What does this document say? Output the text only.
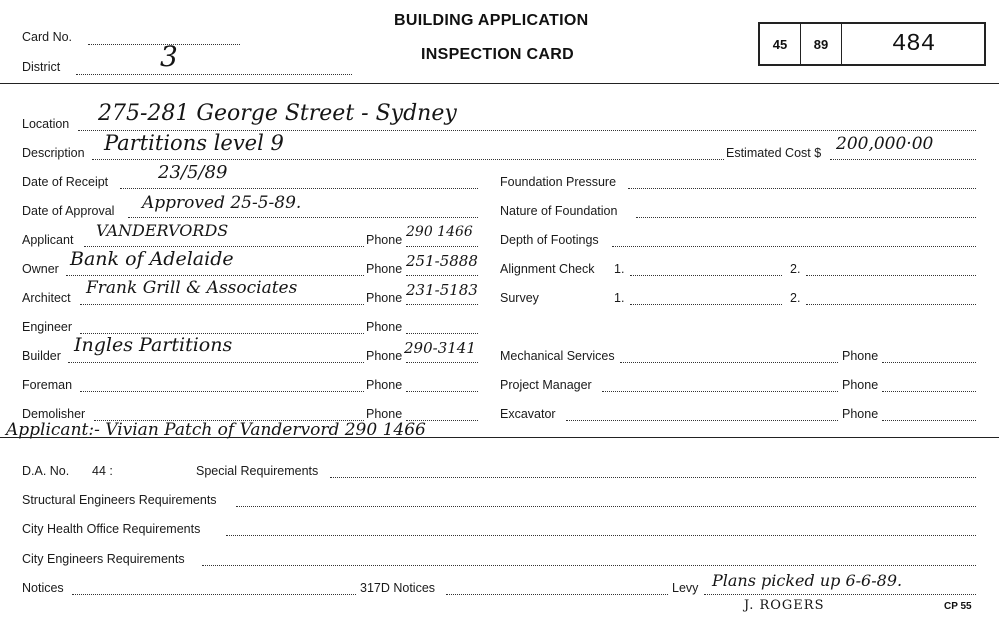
Card No.
District	3
BUILDING APPLICATION
INSPECTION CARD
45 89	484
Location 275-281 George Street - Sydney
Description Partitions level 9	Estimated Cost $ 200,000·00
Date of Receipt	23/5/89
Date of Approval Approved 25-5-89.
Applicant VANDERVORDS	Phone 290 1466
Owner Bank of Adelaide	Phone 251-5888
Architect Frank Grill & Associates	Phone 231-5183
Engineer	Phone
Builder Ingles Partitions	Phone 290-3141
Foreman	Phone
Demolisher	Phone
Foundation Pressure
Nature of Foundation
Depth of Footings
Alignment Check 1.	2.
Survey	1.	2.
Mechanical Services	Phone
Project Manager	Phone
Excavator	Phone
Applicant:- Vivian Patch of Vandervord 290 1466
D.A. No. 44 :	Special Requirements
Structural Engineers Requirements
City Health Office Requirements
City Engineers Requirements
Notices	317D Notices	Levy Plans picked up 6-6-89.
J. ROGERS	CP 55
